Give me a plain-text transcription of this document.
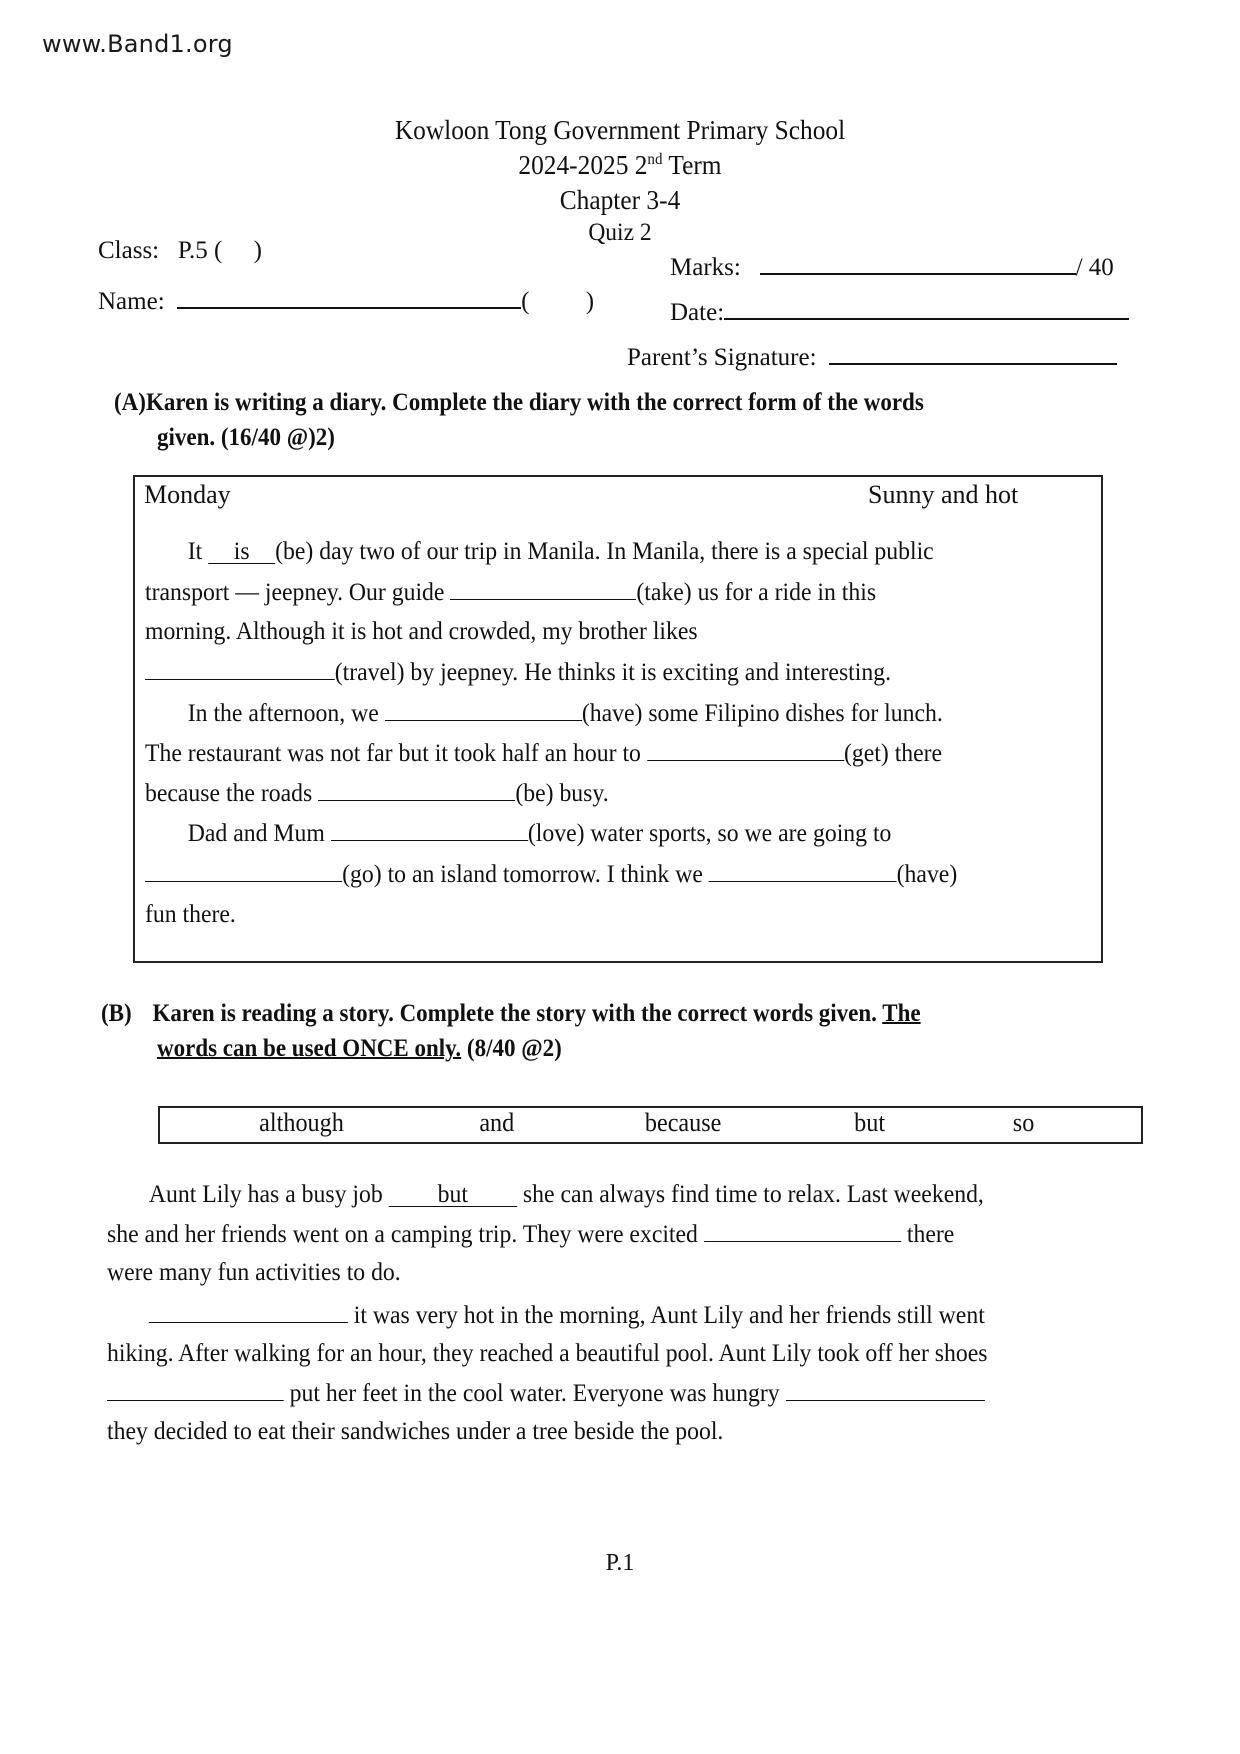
www.Band1.org
Kowloon Tong Government Primary School
2024-2025 2nd Term
Chapter 3-4
Quiz 2
Class: P.5 ( )
Name:	( )
Marks:	/ 40
Date:
Parent’s Signature:
(A)Karen is writing a diary. Complete the diary with the correct form of the words
given. (16/40 @)2)
Monday	Sunny and hot
It is (be) day two of our trip in Manila. In Manila, there is a special public
transport — jeepney. Our guide	(take) us for a ride in this
morning. Although it is hot and crowded, my brother likes
(travel) by jeepney. He thinks it is exciting and interesting.
In the afternoon, we	(have) some Filipino dishes for lunch.
The restaurant was not far but it took half an hour to	(get) there
because the roads	(be) busy.
Dad and Mum	(love) water sports, so we are going to
(go) to an island tomorrow. I think we	(have)
fun there.
(B) Karen is reading a story. Complete the story with the correct words given. The
words can be used ONCE only. (8/40 @2)
although	and	because	but	so
Aunt Lily has a busy job but she can always find time to relax. Last weekend,
she and her friends went on a camping trip. They were excited	there
were many fun activities to do.
it was very hot in the morning, Aunt Lily and her friends still went
hiking. After walking for an hour, they reached a beautiful pool. Aunt Lily took off her shoes
put her feet in the cool water. Everyone was hungry
they decided to eat their sandwiches under a tree beside the pool.
P.1
